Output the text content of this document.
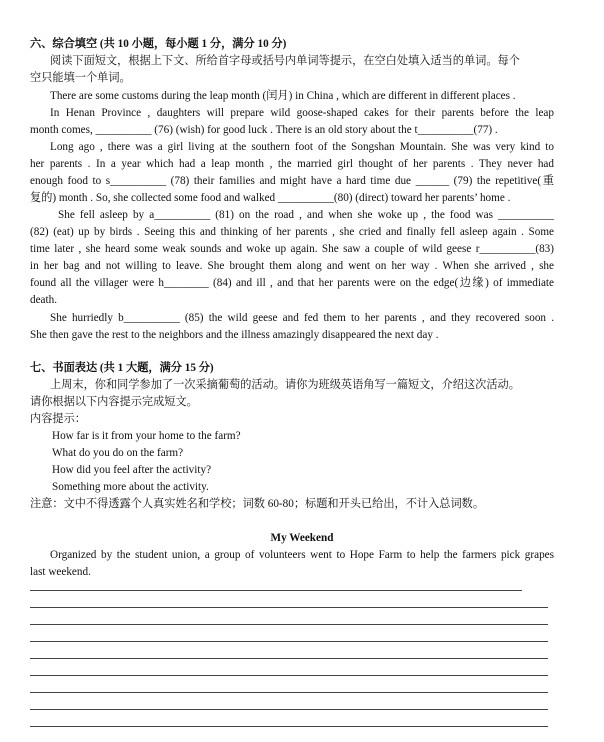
六、综合填空 (共 10 小题，每小题 1 分，满分 10 分)
阅读下面短文，根据上下文、所给首字母或括号内单词等提示，在空白处填入适当的单词。每个
空只能填一个单词。
There are some customs during the leap month (闰月) in China , which are different in different places .
In Henan Province , daughters will prepare wild goose-shaped cakes for their parents before the leap
month comes, __________ (76) (wish) for good luck . There is an old story about the t__________(77) .
Long ago , there was a girl living at the southern foot of the Songshan Mountain. She was very kind to
her parents . In a year which had a leap month , the married girl thought of her parents . They never had
enough food to s__________ (78) their families and might have a hard time due ______ (79) the repetitive(重
复的) month . So, she collected some food and walked __________(80) (direct) toward her parents’ home .
She fell asleep by a__________ (81) on the road , and when she woke up , the food was __________
(82) (eat) up by birds . Seeing this and thinking of her parents , she cried and finally fell asleep again . Some
time later , she heard some weak sounds and woke up again. She saw a couple of wild geese r__________(83)
in her bag and not willing to leave. She brought them along and went on her way . When she arrived , she
found all the villager were h________ (84) and ill , and that her parents were on the edge(边缘) of immediate
death.
She hurriedly b__________ (85) the wild geese and fed them to her parents , and they recovered soon .
She then gave the rest to the neighbors and the illness amazingly disappeared the next day .
七、书面表达 (共 1 大题，满分 15 分)
上周末，你和同学参加了一次采摘葡萄的活动。请你为班级英语角写一篇短文，介绍这次活动。
请你根据以下内容提示完成短文。
内容提示：
How far is it from your home to the farm?
What do you do on the farm?
How did you feel after the activity?
Something more about the activity.
注意：文中不得透露个人真实姓名和学校；词数 60-80；标题和开头已给出，不计入总词数。
My Weekend
Organized by the student union, a group of volunteers went to Hope Farm to help the farmers pick grapes
last weekend.
